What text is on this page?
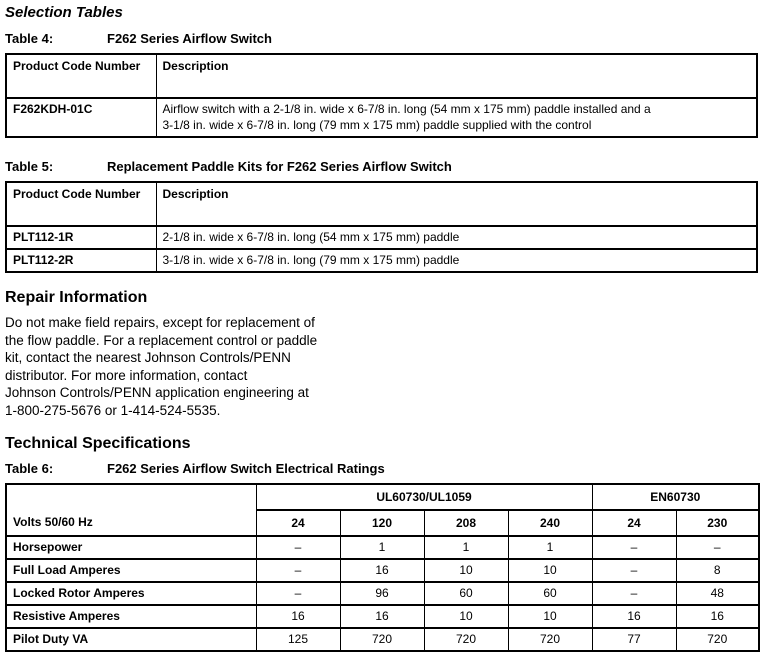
Selection Tables
Table 4:	F262 Series Airflow Switch
Product Code Number	Description
F262KDH-01C	Airflow switch with a 2-1/8 in. wide x 6-7/8 in. long (54 mm x 175 mm) paddle installed and a
3-1/8 in. wide x 6-7/8 in. long (79 mm x 175 mm) paddle supplied with the control
Table 5:	Replacement Paddle Kits for F262 Series Airflow Switch
Product Code Number	Description
PLT112-1R	2-1/8 in. wide x 6-7/8 in. long (54 mm x 175 mm) paddle
PLT112-2R	3-1/8 in. wide x 6-7/8 in. long (79 mm x 175 mm) paddle
Repair Information
Do not make field repairs, except for replacement of
the flow paddle. For a replacement control or paddle
kit, contact the nearest Johnson Controls/PENN
distributor. For more information, contact
Johnson Controls/PENN application engineering at
1-800-275-5676 or 1-414-524-5535.
Technical Specifications
Table 6:	F262 Series Airflow Switch Electrical Ratings
Volts 50/60 Hz	UL60730/UL1059				EN60730	
	24	120	208	240	24	230
Horsepower	–	1	1	1	–	–
Full Load Amperes	–	16	10	10	–	8
Locked Rotor Amperes	–	96	60	60	–	48
Resistive Amperes	16	16	10	10	16	16
Pilot Duty VA	125	720	720	720	77	720
